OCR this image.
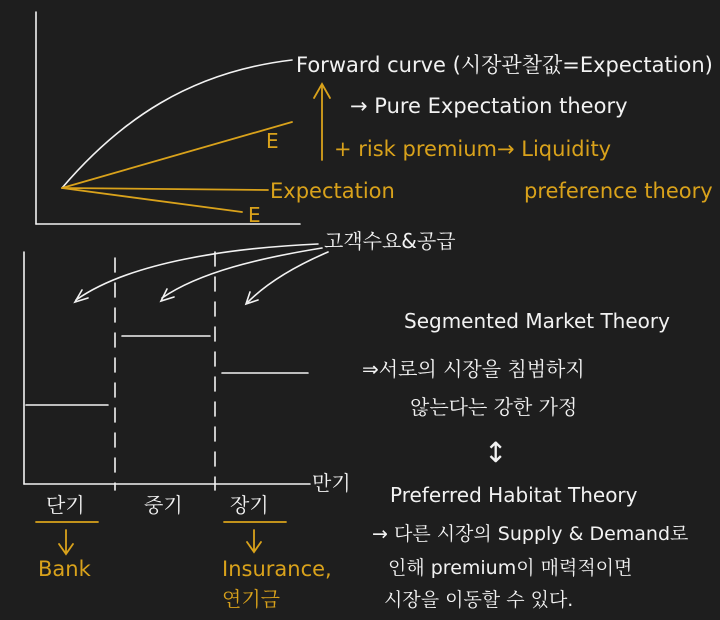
Forward curve (시장관찰값=Expectation)
→ Pure Expectation theory
E	+ risk premium→ Liquidity
Expectation	preference theory
E
고객수요&공급
만기
단기	중기 장기
Bank	Insurance,
연기금
Segmented Market Theory
⇒서로의 시장을 침범하지
않는다는 강한 가정
↕
Preferred Habitat Theory
→ 다른 시장의 Supply & Demand로
인해 premium이 매력적이면
시장을 이동할 수 있다.
